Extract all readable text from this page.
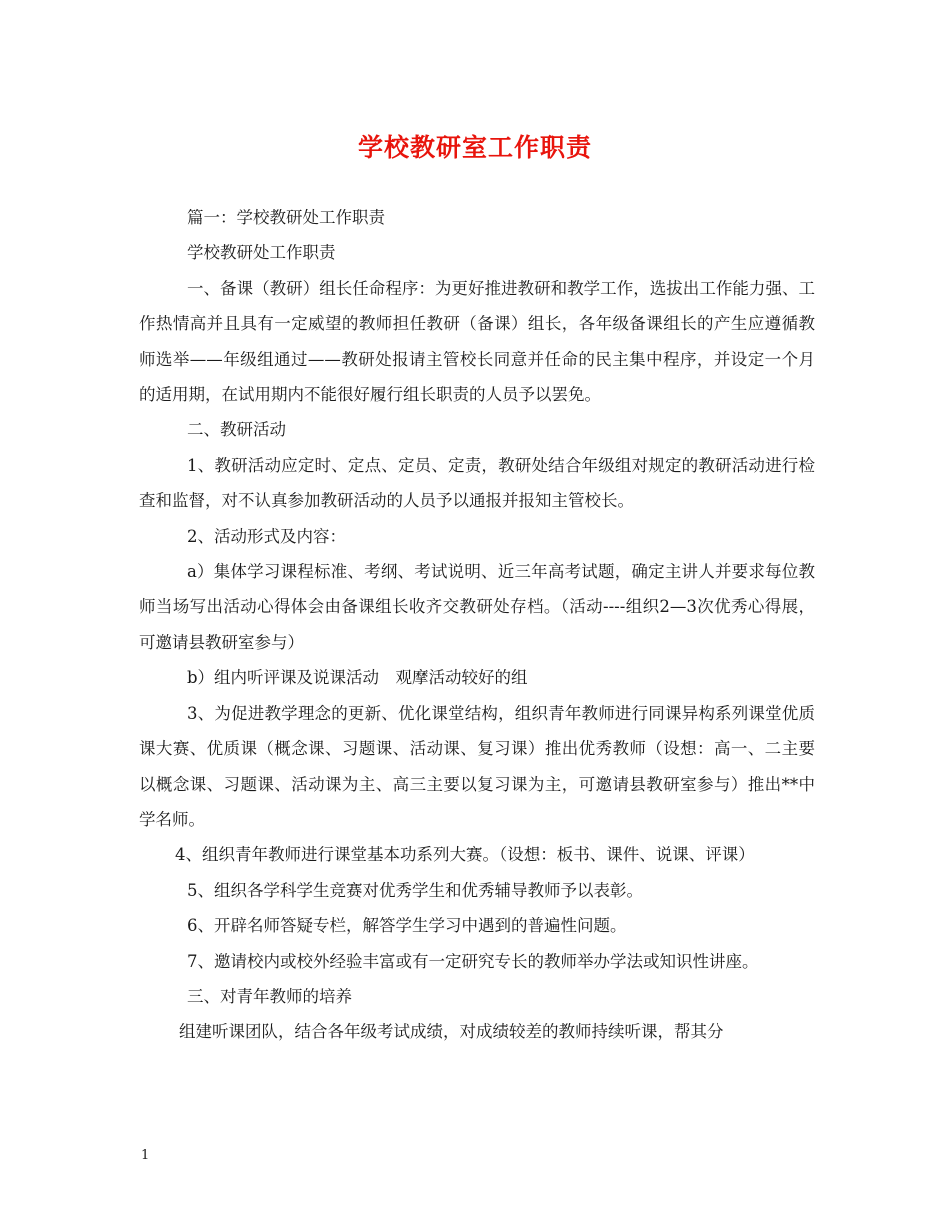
学校教研室工作职责

篇一：学校教研处工作职责

学校教研处工作职责

一、备课（教研）组长任命程序：为更好推进教研和教学工作，选拔出工作能力强、工作热情高并且具有一定威望的教师担任教研（备课）组长，各年级备课组长的产生应遵循教师选举——年级组通过——教研处报请主管校长同意并任命的民主集中程序，并设定一个月的适用期，在试用期内不能很好履行组长职责的人员予以罢免。

二、教研活动

1、教研活动应定时、定点、定员、定责，教研处结合年级组对规定的教研活动进行检查和监督，对不认真参加教研活动的人员予以通报并报知主管校长。

2、活动形式及内容：

a）集体学习课程标准、考纲、考试说明、近三年高考试题，确定主讲人并要求每位教师当场写出活动心得体会由备课组长收齐交教研处存档。（活动----组织2—3次优秀心得展，可邀请县教研室参与）

b）组内听评课及说课活动　观摩活动较好的组

3、为促进教学理念的更新、优化课堂结构，组织青年教师进行同课异构系列课堂优质课大赛、优质课（概念课、习题课、活动课、复习课）推出优秀教师（设想：高一、二主要以概念课、习题课、活动课为主、高三主要以复习课为主，可邀请县教研室参与）推出**中学名师。

4、组织青年教师进行课堂基本功系列大赛。（设想：板书、课件、说课、评课）

5、组织各学科学生竞赛对优秀学生和优秀辅导教师予以表彰。

6、开辟名师答疑专栏，解答学生学习中遇到的普遍性问题。

7、邀请校内或校外经验丰富或有一定研究专长的教师举办学法或知识性讲座。

三、对青年教师的培养

组建听课团队，结合各年级考试成绩，对成绩较差的教师持续听课，帮其分

1
